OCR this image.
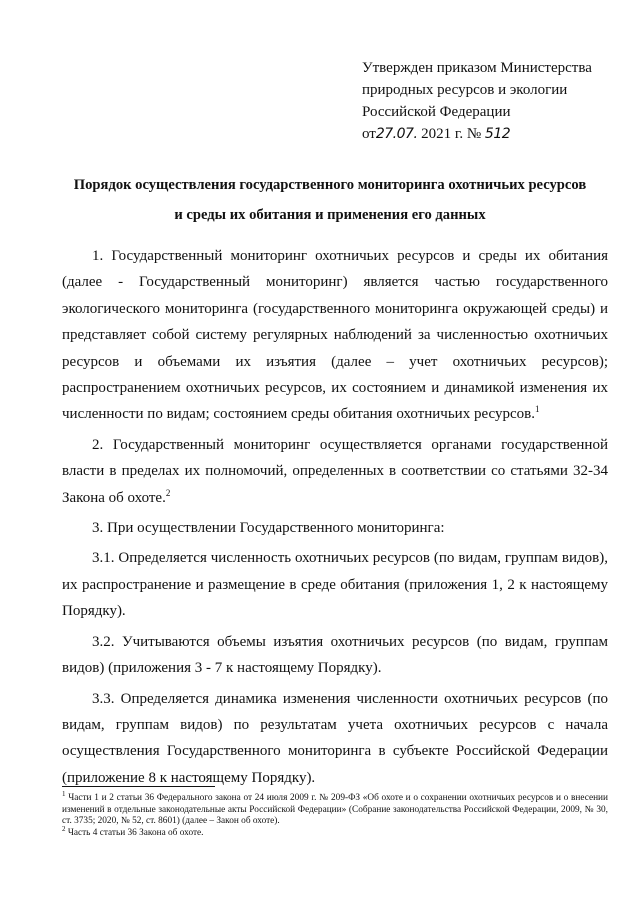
Утвержден приказом Министерства
природных ресурсов и экологии
Российской Федерации
от27.07. 2021 г. № 512
Порядок осуществления государственного мониторинга охотничьих ресурсов
и среды их обитания и применения его данных

1. Государственный мониторинг охотничьих ресурсов и среды их обитания (далее - Государственный мониторинг) является частью государственного экологического мониторинга (государственного мониторинга окружающей среды) и представляет собой систему регулярных наблюдений за численностью охотничьих ресурсов и объемами их изъятия (далее – учет охотничьих ресурсов); распространением охотничьих ресурсов, их состоянием и динамикой изменения их численности по видам; состоянием среды обитания охотничьих ресурсов.$^1$

2. Государственный мониторинг осуществляется органами государственной власти в пределах их полномочий, определенных в соответствии со статьями 32-34 Закона об охоте.$^2$

3. При осуществлении Государственного мониторинга:

3.1. Определяется численность охотничьих ресурсов (по видам, группам видов), их распространение и размещение в среде обитания (приложения 1, 2 к настоящему Порядку).

3.2. Учитываются объемы изъятия охотничьих ресурсов (по видам, группам видов) (приложения 3 - 7 к настоящему Порядку).

3.3. Определяется динамика изменения численности охотничьих ресурсов (по видам, группам видов) по результатам учета охотничьих ресурсов с начала осуществления Государственного мониторинга в субъекте Российской Федерации (приложение 8 к настоящему Порядку).

$^1$ Части 1 и 2 статьи 36 Федерального закона от 24 июля 2009 г. № 209-ФЗ «Об охоте и о сохранении охотничьих ресурсов и о внесении изменений в отдельные законодательные акты Российской Федерации» (Собрание законодательства Российской Федерации, 2009, № 30, ст. 3735; 2020, № 52, ст. 8601) (далее – Закон об охоте).

$^2$ Часть 4 статьи 36 Закона об охоте.
